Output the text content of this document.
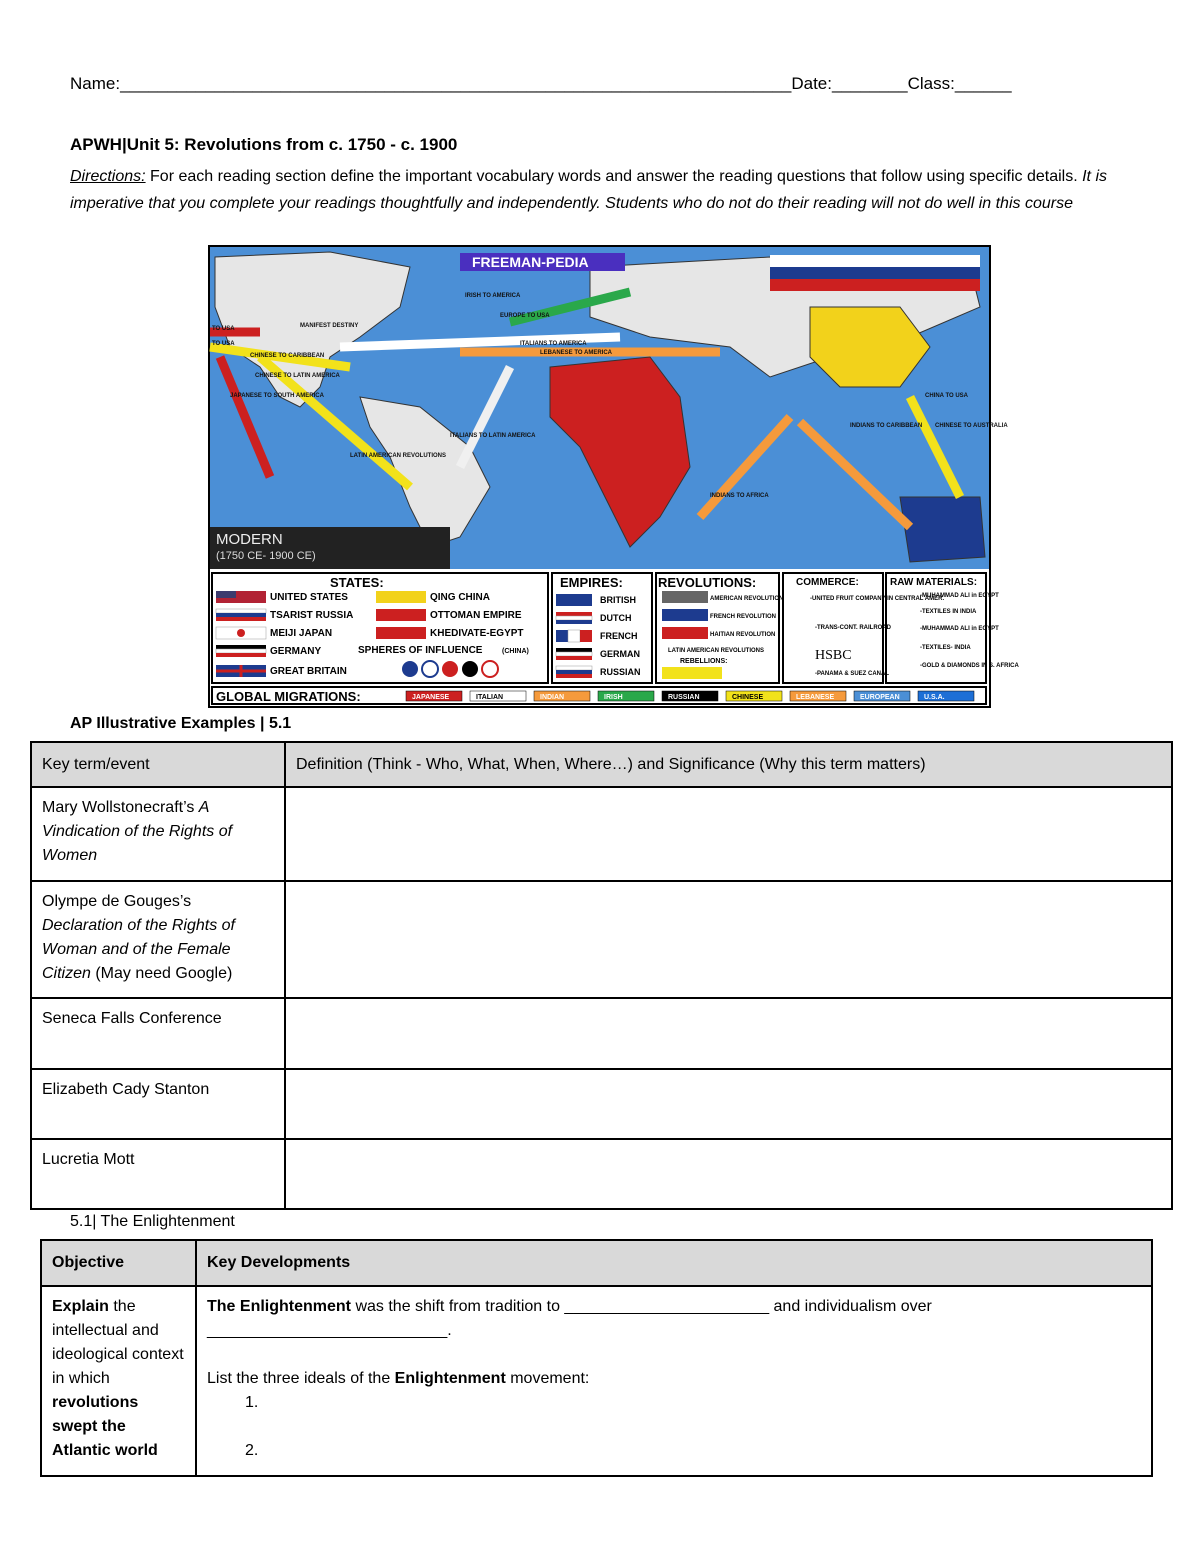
Name:_______________________________________________________________________Date:________Class:______
APWH|Unit 5: Revolutions from c. 1750 - c. 1900
Directions: For each reading section define the important vocabulary words and answer the reading questions that follow using specific details. It is imperative that you complete your readings thoughtfully and independently. Students who do not do their reading will not do well in this course
FREEMAN-PEDIA
MODERN
(1750 CE- 1900 CE)
STATES:
UNITED STATES
TSARIST RUSSIA
MEIJI JAPAN
GERMANY
GREAT BRITAIN
QING CHINA
OTTOMAN EMPIRE
KHEDIVATE-EGYPT
SPHERES OF INFLUENCE	(CHINA)
EMPIRES:
BRITISH
DUTCH
FRENCH
GERMAN
RUSSIAN
REVOLUTIONS:
AMERICAN REVOLUTION
FRENCH REVOLUTION
HAITIAN REVOLUTION
LATIN AMERICAN REVOLUTIONS
REBELLIONS:
COMMERCE:
-UNITED FRUIT COMPANY IN CENTRAL AMER.
-TRANS-CONT. RAILROAD
HSBC
-PANAMA & SUEZ CANAL
RAW MATERIALS:
-MUHAMMAD ALI in EGYPT
-TEXTILES IN INDIA
-MUHAMMAD ALI in EGYPT
-TEXTILES- INDIA
-GOLD & DIAMONDS IN S. AFRICA
GLOBAL MIGRATIONS:	JAPANESE	ITALIAN	INDIAN	IRISH	RUSSIAN	CHINESE	LEBANESE	EUROPEAN	U.S.A.
TO USA
TO USA
MANIFEST DESTINY
IRISH TO AMERICA
EUROPE TO USA
ITALIANS TO AMERICA
LEBANESE TO AMERICA
CHINESE TO CARIBBEAN
CHINESE TO LATIN AMERICA
JAPANESE TO SOUTH AMERICA
ITALIANS TO LATIN AMERICA
LATIN AMERICAN REVOLUTIONS
INDIANS TO AFRICA
INDIANS TO CARIBBEAN
CHINA TO USA
CHINESE TO AUSTRALIA
AP Illustrative Examples | 5.1
Key term/event	Definition (Think - Who, What, When, Where…) and Significance (Why this term matters)
Mary Wollstonecraft’s A Vindication of the Rights of Women	
Olympe de Gouges’s Declaration of the Rights of Woman and of the Female Citizen (May need Google)	
Seneca Falls Conference	
Elizabeth Cady Stanton	
Lucretia Mott	
5.1| The Enlightenment
Objective	Key Developments
Explain the intellectual and ideological context in which revolutions swept the Atlantic world	The Enlightenment was the shift from tradition to _______________________ and individualism over ___________________________.
List the three ideals of the Enlightenment movement:
1.
2.
